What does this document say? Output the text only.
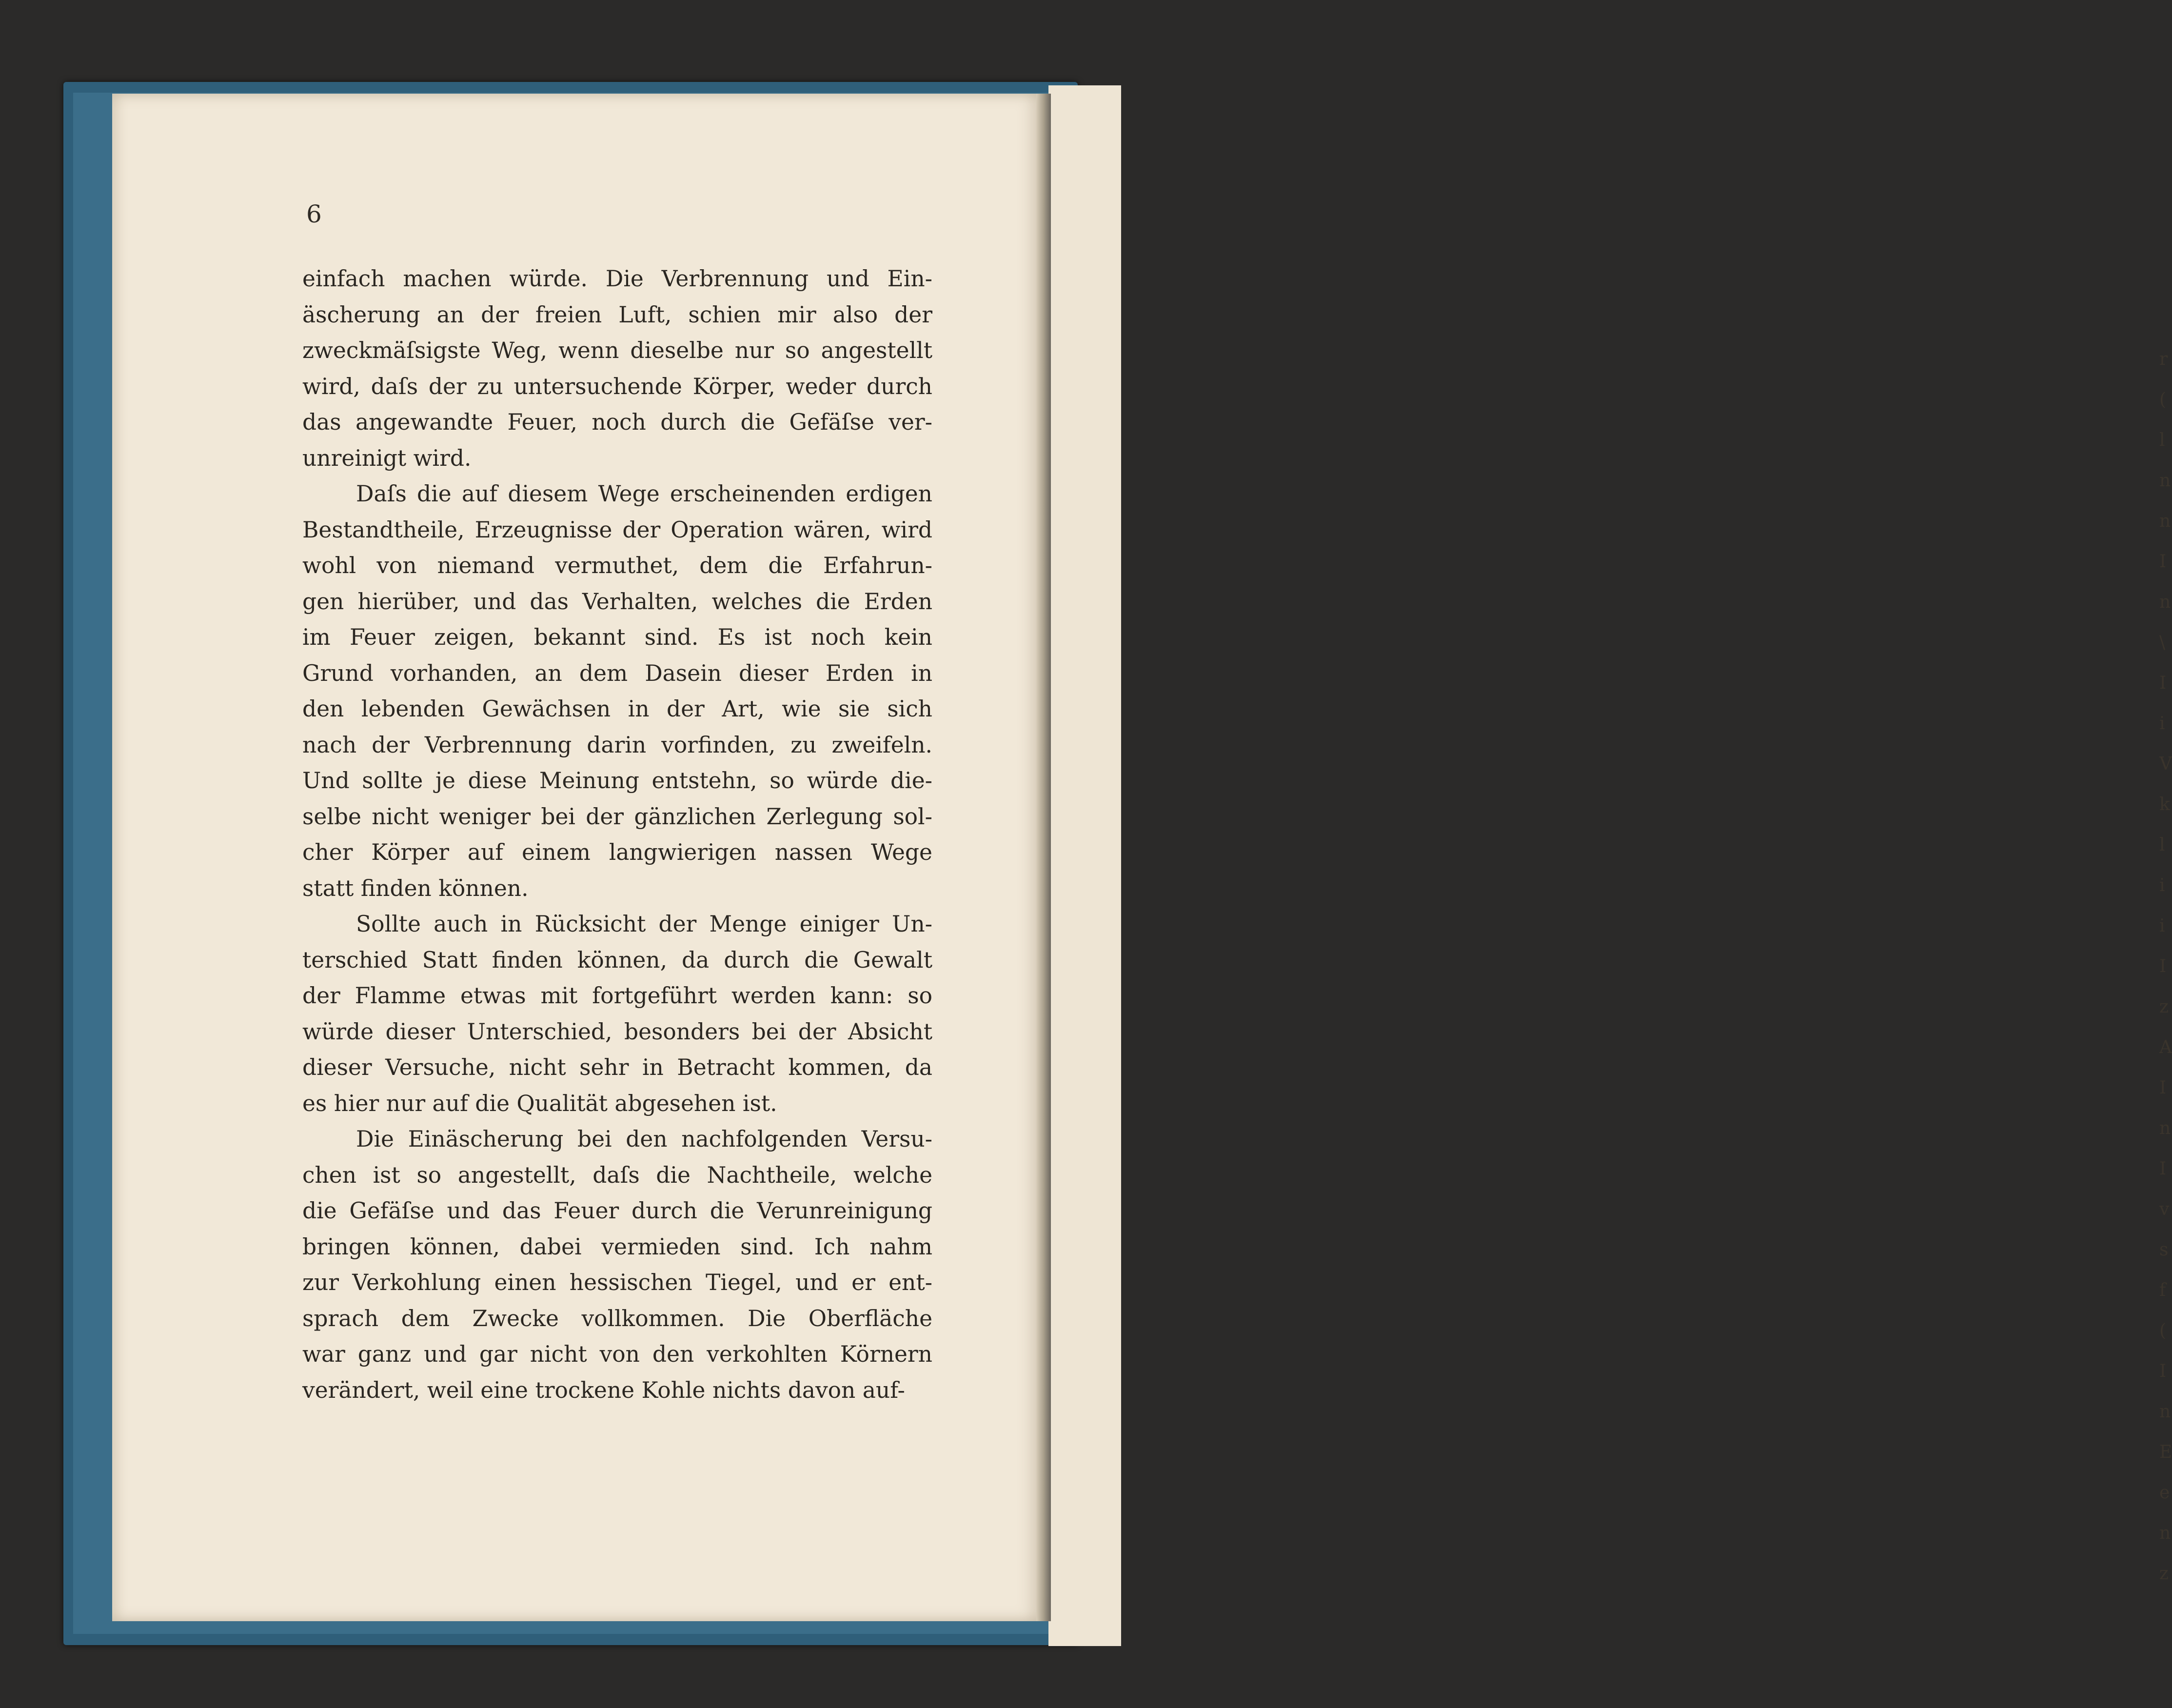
r
(
l
n
n
I
n
\
I
i
V
k
l
i
i
I
z
A
I
n
I
v
s
f
(
I
n
E
e
n
z
6

einfach machen würde. Die Verbrennung und Ein-
äscherung an der freien Luft, schien mir also der
zweckmäſsigste Weg, wenn dieselbe nur so angestellt
wird, daſs der zu untersuchende Körper, weder durch
das angewandte Feuer, noch durch die Gefäſse ver-
unreinigt wird.

Daſs die auf diesem Wege erscheinenden erdigen
Bestandtheile, Erzeugnisse der Operation wären, wird
wohl von niemand vermuthet, dem die Erfahrun-
gen hierüber, und das Verhalten, welches die Erden
im Feuer zeigen, bekannt sind. Es ist noch kein
Grund vorhanden, an dem Dasein dieser Erden in
den lebenden Gewächsen in der Art, wie sie sich
nach der Verbrennung darin vorfinden, zu zweifeln.
Und sollte je diese Meinung entstehn, so würde die-
selbe nicht weniger bei der gänzlichen Zerlegung sol-
cher Körper auf einem langwierigen nassen Wege
statt finden können.

Sollte auch in Rücksicht der Menge einiger Un-
terschied Statt finden können, da durch die Gewalt
der Flamme etwas mit fortgeführt werden kann: so
würde dieser Unterschied, besonders bei der Absicht
dieser Versuche, nicht sehr in Betracht kommen, da
es hier nur auf die Qualität abgesehen ist.

Die Einäscherung bei den nachfolgenden Versu-
chen ist so angestellt, daſs die Nachtheile, welche
die Gefäſse und das Feuer durch die Verunreinigung
bringen können, dabei vermieden sind. Ich nahm
zur Verkohlung einen hessischen Tiegel, und er ent-
sprach dem Zwecke vollkommen. Die Oberfläche
war ganz und gar nicht von den verkohlten Körnern
verändert, weil eine trockene Kohle nichts davon auf-
